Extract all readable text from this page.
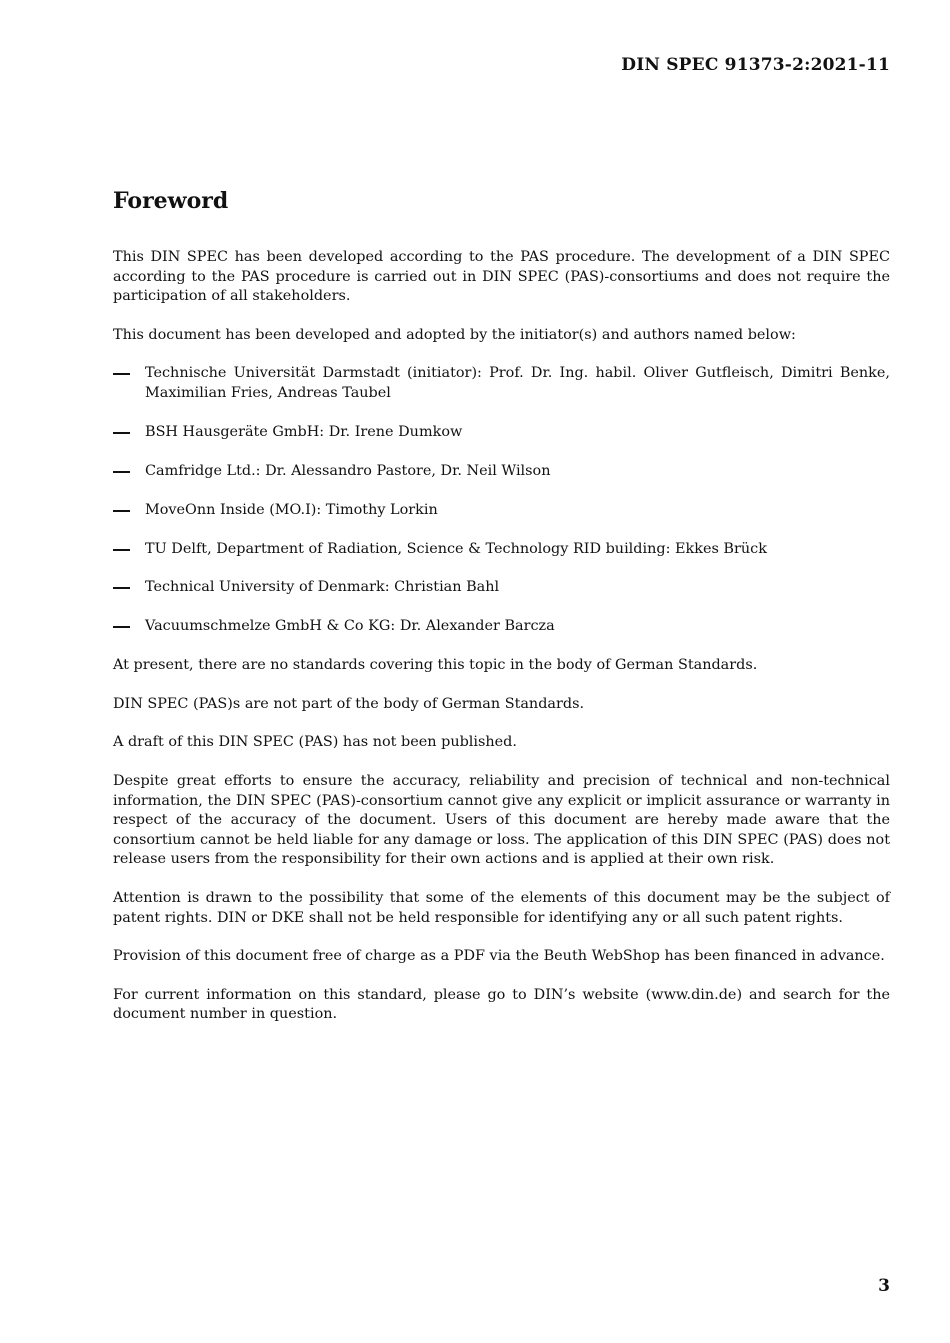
DIN SPEC 91373-2:2021-11
Foreword

This DIN SPEC has been developed according to the PAS procedure. The development of a DIN SPEC according to the PAS procedure is carried out in DIN SPEC (PAS)-consortiums and does not require the participation of all stakeholders.

This document has been developed and adopted by the initiator(s) and authors named below:

Technische Universität Darmstadt (initiator): Prof. Dr. Ing. habil. Oliver Gutfleisch, Dimitri Benke, Maximilian Fries, Andreas Taubel
BSH Hausgeräte GmbH: Dr. Irene Dumkow
Camfridge Ltd.: Dr. Alessandro Pastore, Dr. Neil Wilson
MoveOnn Inside (MO.I): Timothy Lorkin
TU Delft, Department of Radiation, Science & Technology RID building: Ekkes Brück
Technical University of Denmark: Christian Bahl
Vacuumschmelze GmbH & Co KG: Dr. Alexander Barcza

At present, there are no standards covering this topic in the body of German Standards.

DIN SPEC (PAS)s are not part of the body of German Standards.

A draft of this DIN SPEC (PAS) has not been published.

Despite great efforts to ensure the accuracy, reliability and precision of technical and non-technical information, the DIN SPEC (PAS)-consortium cannot give any explicit or implicit assurance or warranty in respect of the accuracy of the document. Users of this document are hereby made aware that the consortium cannot be held liable for any damage or loss. The application of this DIN SPEC (PAS) does not release users from the responsibility for their own actions and is applied at their own risk.

Attention is drawn to the possibility that some of the elements of this document may be the subject of patent rights. DIN or DKE shall not be held responsible for identifying any or all such patent rights.

Provision of this document free of charge as a PDF via the Beuth WebShop has been financed in advance.

For current information on this standard, please go to DIN’s website (www.din.de) and search for the document number in question.

3
